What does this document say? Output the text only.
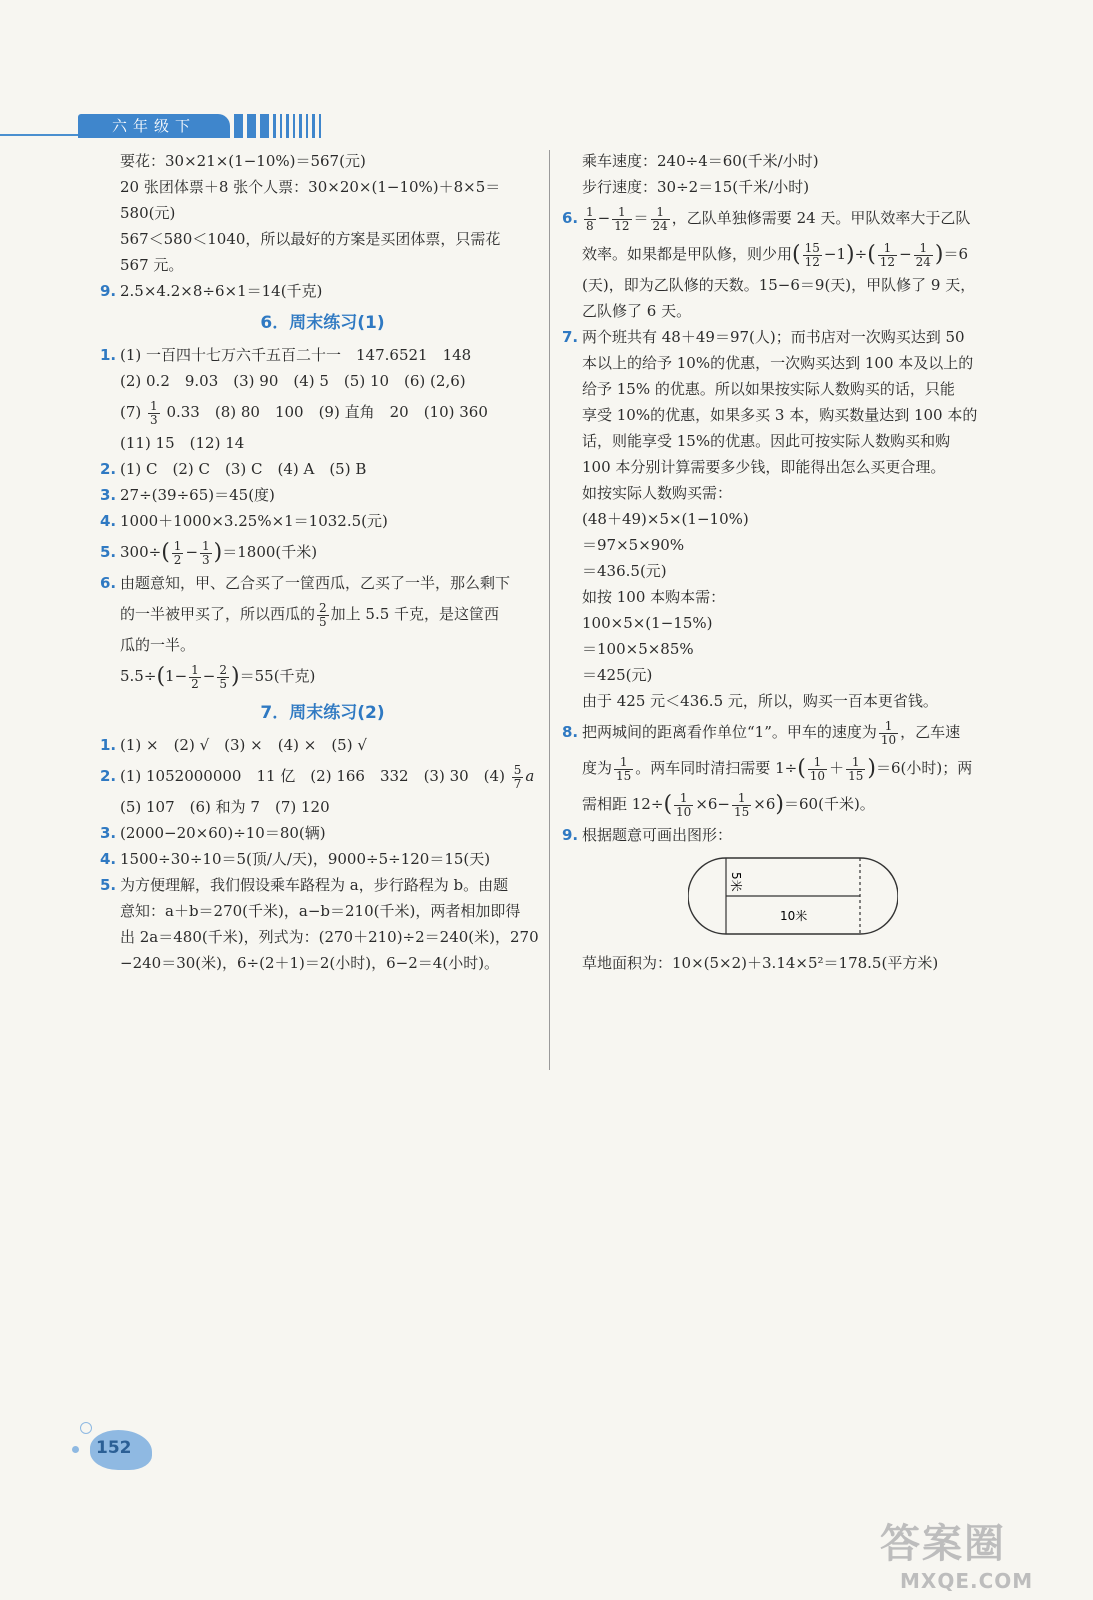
六年级下
要花：30×21×(1−10%)＝567(元)
20 张团体票＋8 张个人票：30×20×(1−10%)＋8×5＝
580(元)
567＜580＜1040，所以最好的方案是买团体票，只需花
567 元。
9. 2.5×4.2×8÷6×1＝14(千克)
6．周末练习(1)
1. (1) 一百四十七万六千五百二十一　147.6521　148
(2) 0.2　9.03　(3) 90　(4) 5　(5) 10　(6) (2,6)
$(7) \frac{1}{3} 0.33$　(8) 80　100　(9) 直角　20　(10) 360
(11) 15　(12) 14
2. (1) C　(2) C　(3) C　(4) A　(5) B
3. 27÷(39÷65)＝45(度)
4. 1000＋1000×3.25%×1＝1032.5(元)
5. $300\div( \frac{1}{2} - \frac{1}{3} )=1800$(千米)
6. 由题意知，甲、乙合买了一筐西瓜，乙买了一半，那么剩下
的一半被甲买了，所以西瓜的 $\frac{2}{5}$ 加上 5.5 千克，是这筐西
瓜的一半。
$5.5\div(1- \frac{1}{2} - \frac{2}{5} )=55$(千克)
7．周末练习(2)
1. (1) ×　(2) √　(3) ×　(4) ×　(5) √
2. (1) 1052000000　11 亿　(2) 166　332　(3) 30　$(4) \frac{5}{7}$ a
(5) 107　(6) 和为 7　(7) 120
3. (2000−20×60)÷10＝80(辆)
4. 1500÷30÷10＝5(顶/人/天)，9000÷5÷120＝15(天)
5. 为方便理解，我们假设乘车路程为 a，步行路程为 b。由题
意知：a＋b＝270(千米)，a−b＝210(千米)，两者相加即得
出 2a＝480(千米)，列式为：(270＋210)÷2＝240(米)，270
−240＝30(米)，6÷(2＋1)＝2(小时)，6−2＝4(小时)。
乘车速度：240÷4＝60(千米/小时)
步行速度：30÷2＝15(千米/小时)
6. $\frac{1}{8} - \frac{1}{12} = \frac{1}{24}$ ，乙队单独修需要 24 天。甲队效率大于乙队
效率。如果都是甲队修，则少用( $\frac{15}{12} -1)\div( \frac{1}{12} - \frac{1}{24} )=6$
(天)，即为乙队修的天数。15−6＝9(天)，甲队修了 9 天，
乙队修了 6 天。
7. 两个班共有 48＋49＝97(人)；而书店对一次购买达到 50
本以上的给予 10%的优惠，一次购买达到 100 本及以上的
给予 15% 的优惠。所以如果按实际人数购买的话，只能
享受 10%的优惠，如果多买 3 本，购买数量达到 100 本的
话，则能享受 15%的优惠。因此可按实际人数购买和购
100 本分别计算需要多少钱，即能得出怎么买更合理。
如按实际人数购买需：
(48＋49)×5×(1−10%)
＝97×5×90%
＝436.5(元)
如按 100 本购本需：
100×5×(1−15%)
＝100×5×85%
＝425(元)
由于 425 元＜436.5 元，所以，购买一百本更省钱。
8. 把两城间的距离看作单位“1”。甲车的速度为 $\frac{1}{10}$ ，乙车速
度为 $\frac{1}{15}$ 。两车同时清扫需要 $1\div( \frac{1}{10} + \frac{1}{15} )=6$(小时)；两
需相距 $12\div( \frac{1}{10} \times 6- \frac{1}{15} \times 6)=60$(千米)。
9. 根据题意可画出图形：
5米
10米
草地面积为：10×(5×2)＋3.14×5²＝178.5(平方米)
152
答案圈
MXQE.COM
